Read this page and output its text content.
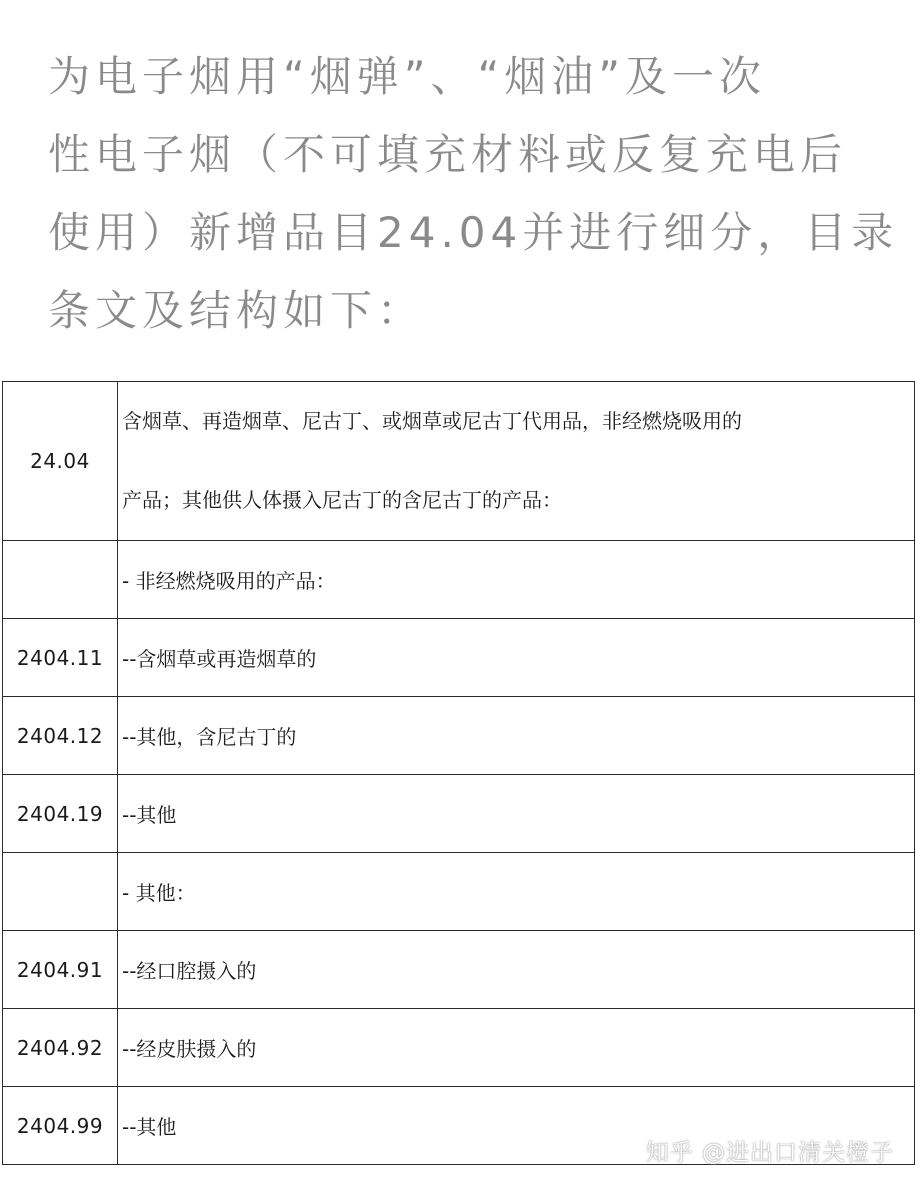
为电子烟用“烟弹”、“烟油”及一次

性电子烟（不可填充材料或反复充电后

使用）新增品目24.04并进行细分，目录

条文及结构如下：

24.04	含烟草、再造烟草、尼古丁、或烟草或尼古丁代用品，非经燃烧吸用的
产品；其他供人体摄入尼古丁的含尼古丁的产品：

	- 非经燃烧吸用的产品：
2404.11	--含烟草或再造烟草的
2404.12	--其他，含尼古丁的
2404.19	--其他
	- 其他：
2404.91	--经口腔摄入的
2404.92	--经皮肤摄入的
2404.99	--其他
知乎 @进出口清关橙子
